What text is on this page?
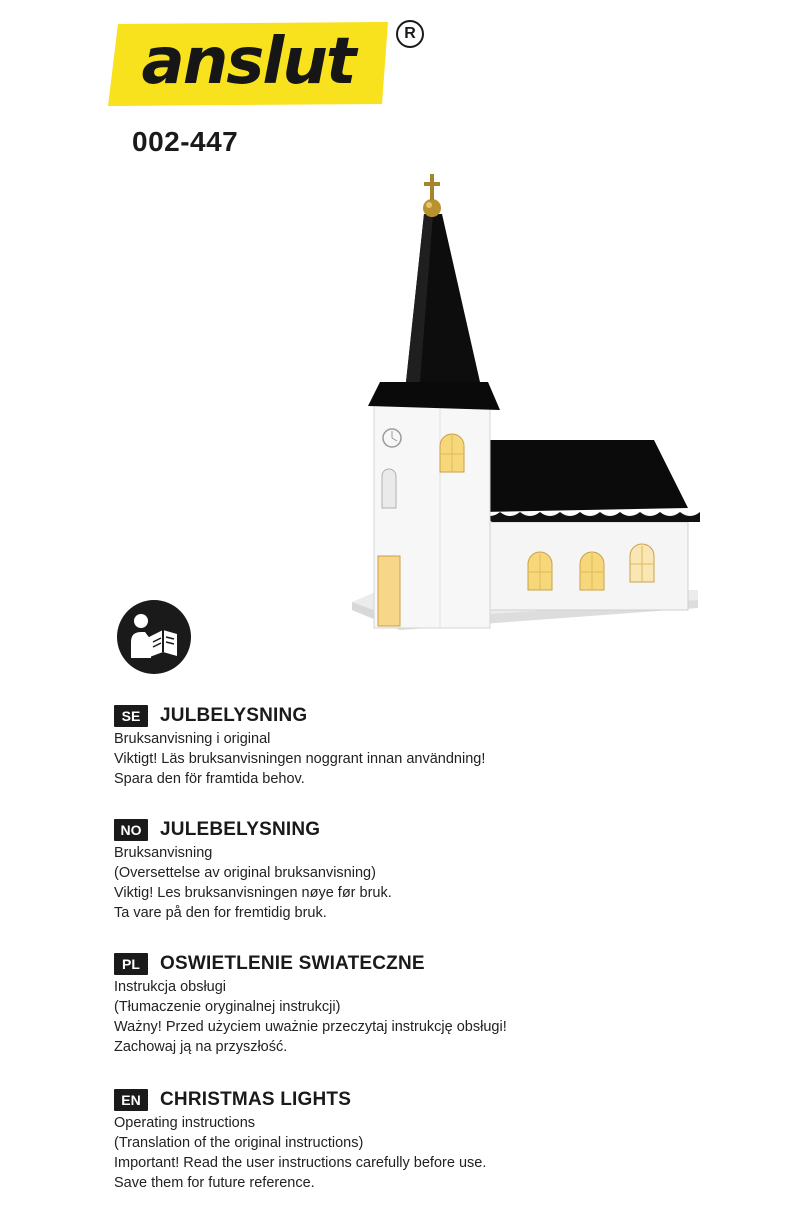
anslut	R
002-447
SE	JULBELYSNING
Bruksanvisning i original
Viktigt! Läs bruksanvisningen noggrant innan användning!
Spara den för framtida behov.
NO JULEBELYSNING
Bruksanvisning
(Oversettelse av original bruksanvisning)
Viktig! Les bruksanvisningen nøye før bruk.
Ta vare på den for fremtidig bruk.
PL	OSWIETLENIE SWIATECZNE
Instrukcja obsługi
(Tłumaczenie oryginalnej instrukcji)
Ważny! Przed użyciem uważnie przeczytaj instrukcję obsługi!
Zachowaj ją na przyszłość.
EN	CHRISTMAS LIGHTS
Operating instructions
(Translation of the original instructions)
Important! Read the user instructions carefully before use.
Save them for future reference.
